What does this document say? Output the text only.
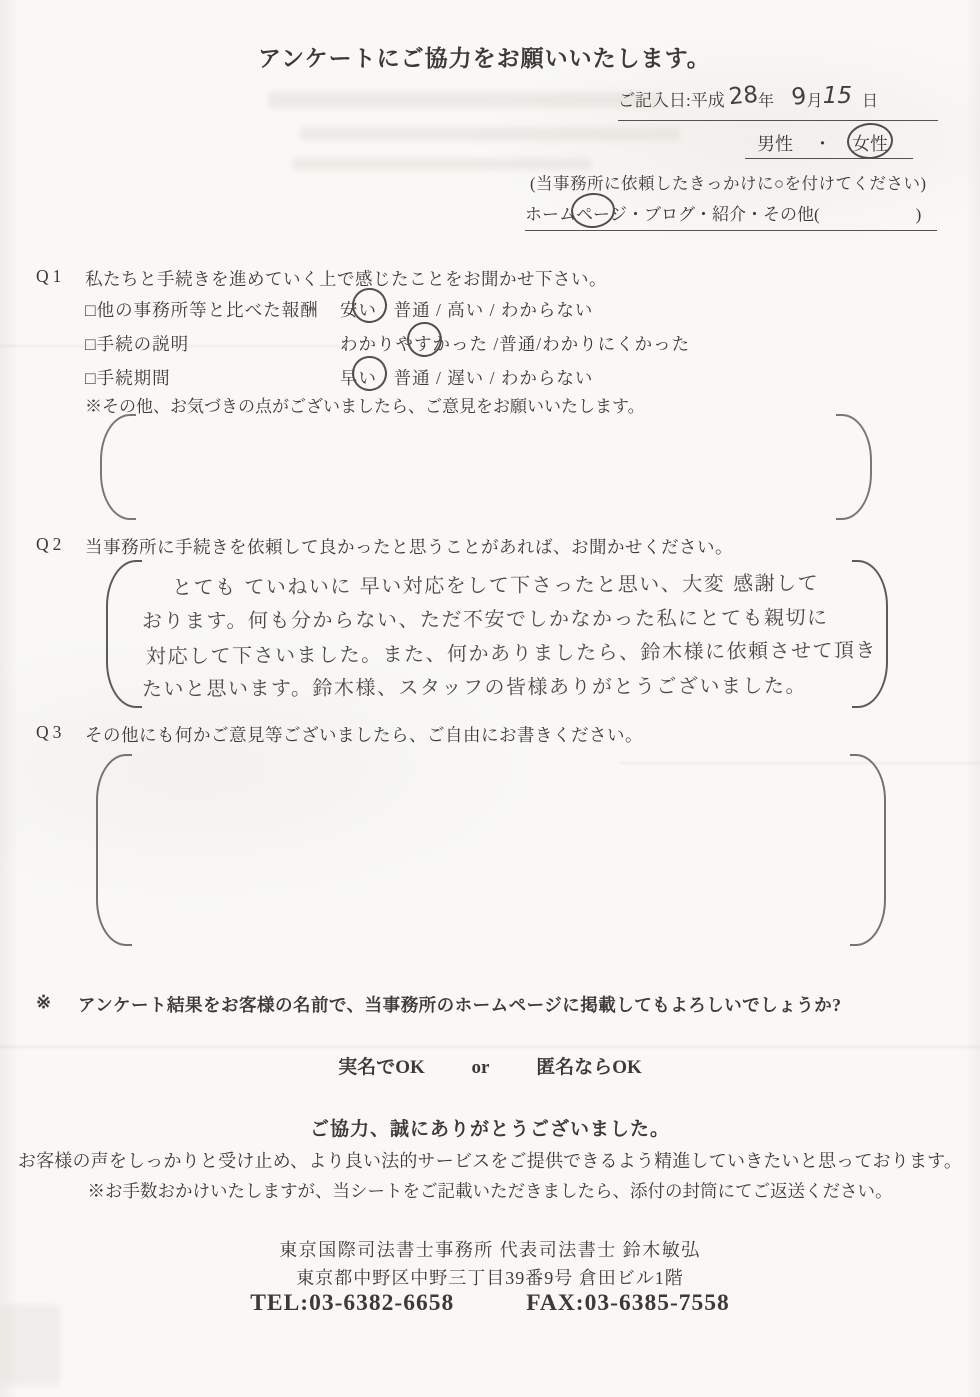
アンケートにご協力をお願いいたします。
ご記入日:平成 28年 9月15 日
男性 ・ 女性
(当事務所に依頼したきっかけに○を付けてください)
ホームページ・ブログ・紹介・その他(	)
Q1 私たちと手続きを進めていく上で感じたことをお聞かせ下さい。
□他の事務所等と比べた報酬 安い / 普通 / 高い / わからない
□手続の説明	わかりやすかった /普通/わかりにくかった
□手続期間	早い / 普通 / 遅い / わからない
※その他、お気づきの点がございましたら、ご意見をお願いいたします。
Q2 当事務所に手続きを依頼して良かったと思うことがあれば、お聞かせください。
とても ていねいに 早い対応をして下さったと思い、大変 感謝して
おります。何も分からない、ただ不安でしかなかった私にとても親切に
対応して下さいました。また、何かありましたら、鈴木様に依頼させて頂き
たいと思います。鈴木様、スタッフの皆様ありがとうございました。
Q3 その他にも何かご意見等ございましたら、ご自由にお書きください。
※ アンケート結果をお客様の名前で、当事務所のホームページに掲載してもよろしいでしょうか?
実名でOK or 匿名ならOK
ご協力、誠にありがとうございました。
お客様の声をしっかりと受け止め、より良い法的サービスをご提供できるよう精進していきたいと思っております。
※お手数おかけいたしますが、当シートをご記載いただきましたら、添付の封筒にてご返送ください。
東京国際司法書士事務所 代表司法書士 鈴木敏弘
東京都中野区中野三丁目39番9号 倉田ビル1階
TEL:03-6382-6658	FAX:03-6385-7558
